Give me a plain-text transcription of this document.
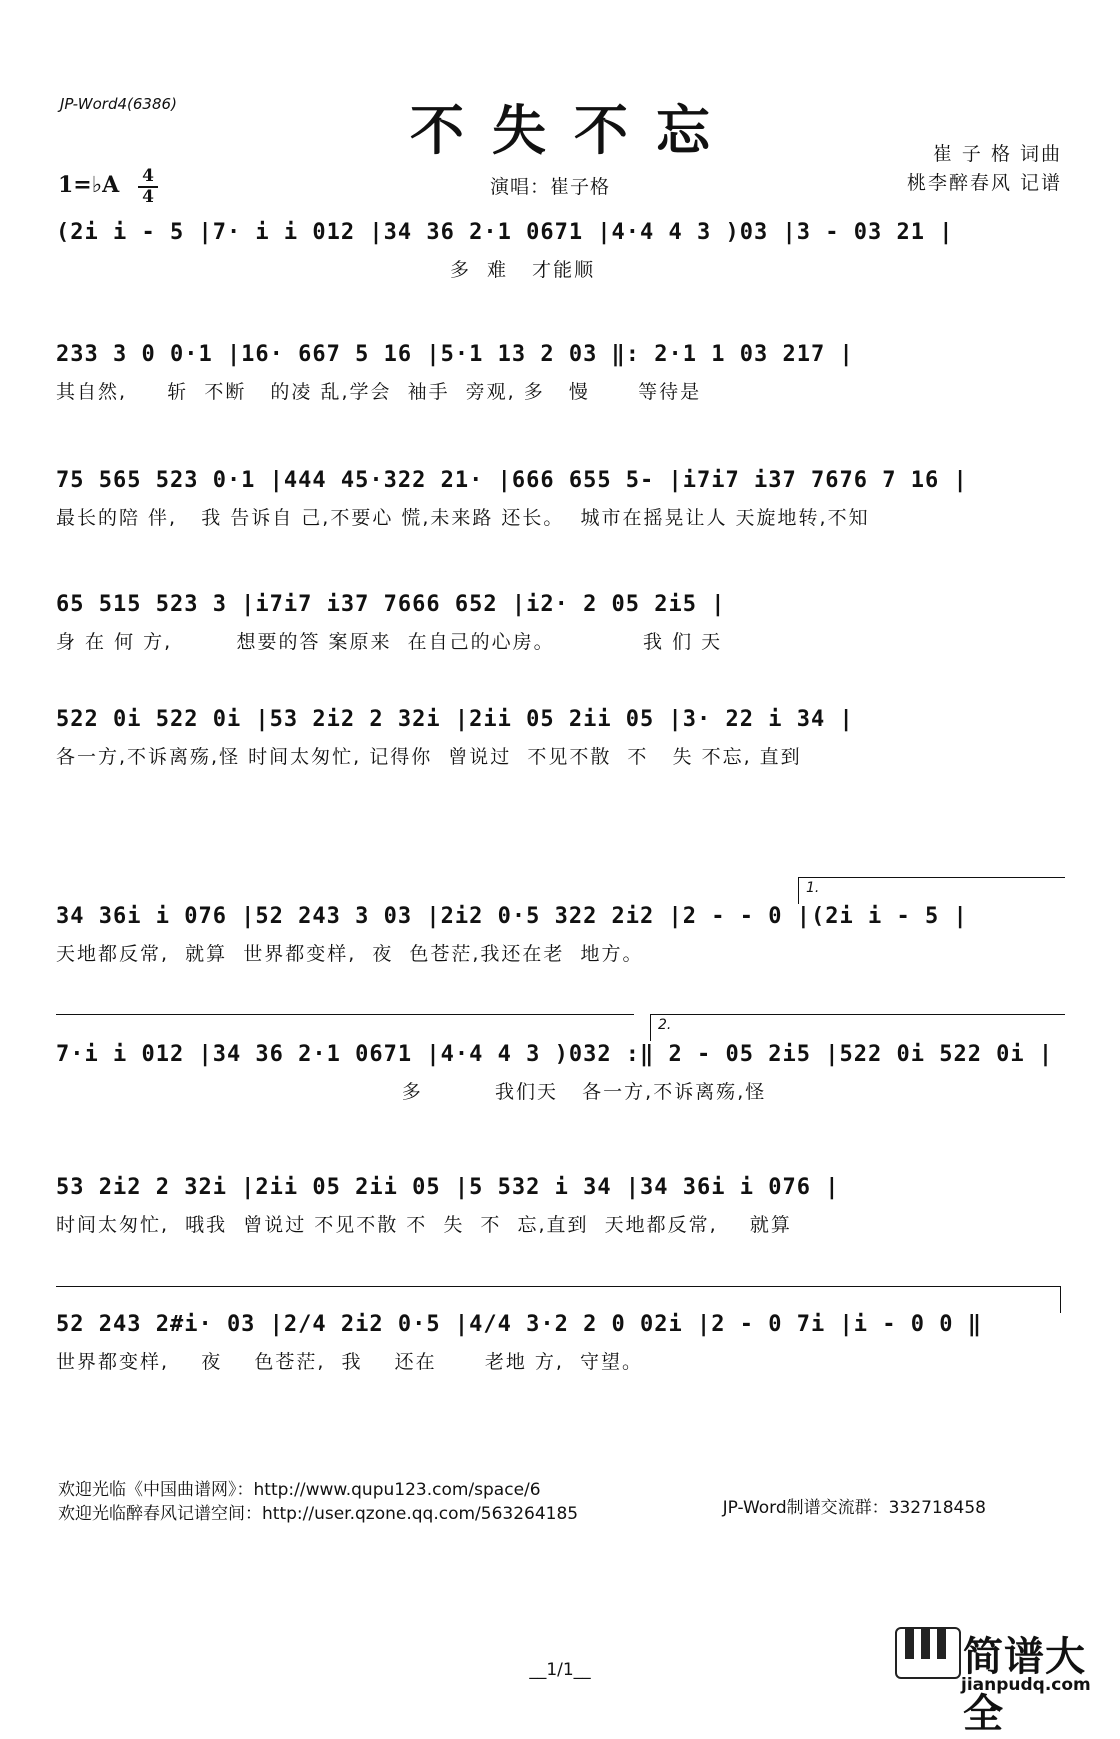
JP-Word4(6386)	不失不忘	崔 子 格 词曲
桃李醉春风 记谱
1=♭A 4
4	演唱：崔子格
(2i i - 5 |7· i i 012 |34 36 2·1 0671 |4·4 4 3 )03 |3 - 03 21 |
多  难   才能顺
233 3 0 0·1 |16· 667 5 16 |5·1 13 2 03 ‖: 2·1 1 03 217 |
其自然,     斩  不断   的凌 乱,学会  袖手  旁观, 多   慢      等待是
75 565 523 0·1 |444 45·322 21· |666 655 5- |i7i7 i37 7676 7 16 |
最长的陪 伴,   我 告诉自 己,不要心 慌,未来路 还长。  城市在摇晃让人 天旋地转,不知
65 515 523 3 |i7i7 i37 7666 652 |i2· 2 05 2i5 |
身 在 何 方,        想要的答 案原来  在自己的心房。           我 们 天
522 0i 522 0i |53 2i2 2 32i |2ii 05 2ii 05 |3· 22 i 34 |
各一方,不诉离殇,怪 时间太匆忙, 记得你  曾说过  不见不散  不   失 不忘, 直到
1.
34 36i i 076 |52 243 3 03 |2i2 0·5 322 2i2 |2 - - 0 |(2i i - 5 |
天地都反常,  就算  世界都变样,  夜  色苍茫,我还在老  地方。
2.
7·i i 012 |34 36 2·1 0671 |4·4 4 3 )032 :‖ 2 - 05 2i5 |522 0i 522 0i |
多         我们天   各一方,不诉离殇,怪
53 2i2 2 32i |2ii 05 2ii 05 |5 532 i 34 |34 36i i 076 |
时间太匆忙,  哦我  曾说过 不见不散 不  失  不  忘,直到  天地都反常,    就算
52 243 2#i· 03 |2/4 2i2 0·5 |4/4 3·2 2 0 02i |2 - 0 7i |i - 0 0 ‖
世界都变样,    夜    色苍茫,  我    还在      老地 方,  守望。
欢迎光临《中国曲谱网》：http://www.qupu123.com/space/6
欢迎光临醉春风记谱空间：http://user.qzone.qq.com/563264185	JP-Word制谱交流群：332718458
__1/1__	简谱大全
jianpudq.com
